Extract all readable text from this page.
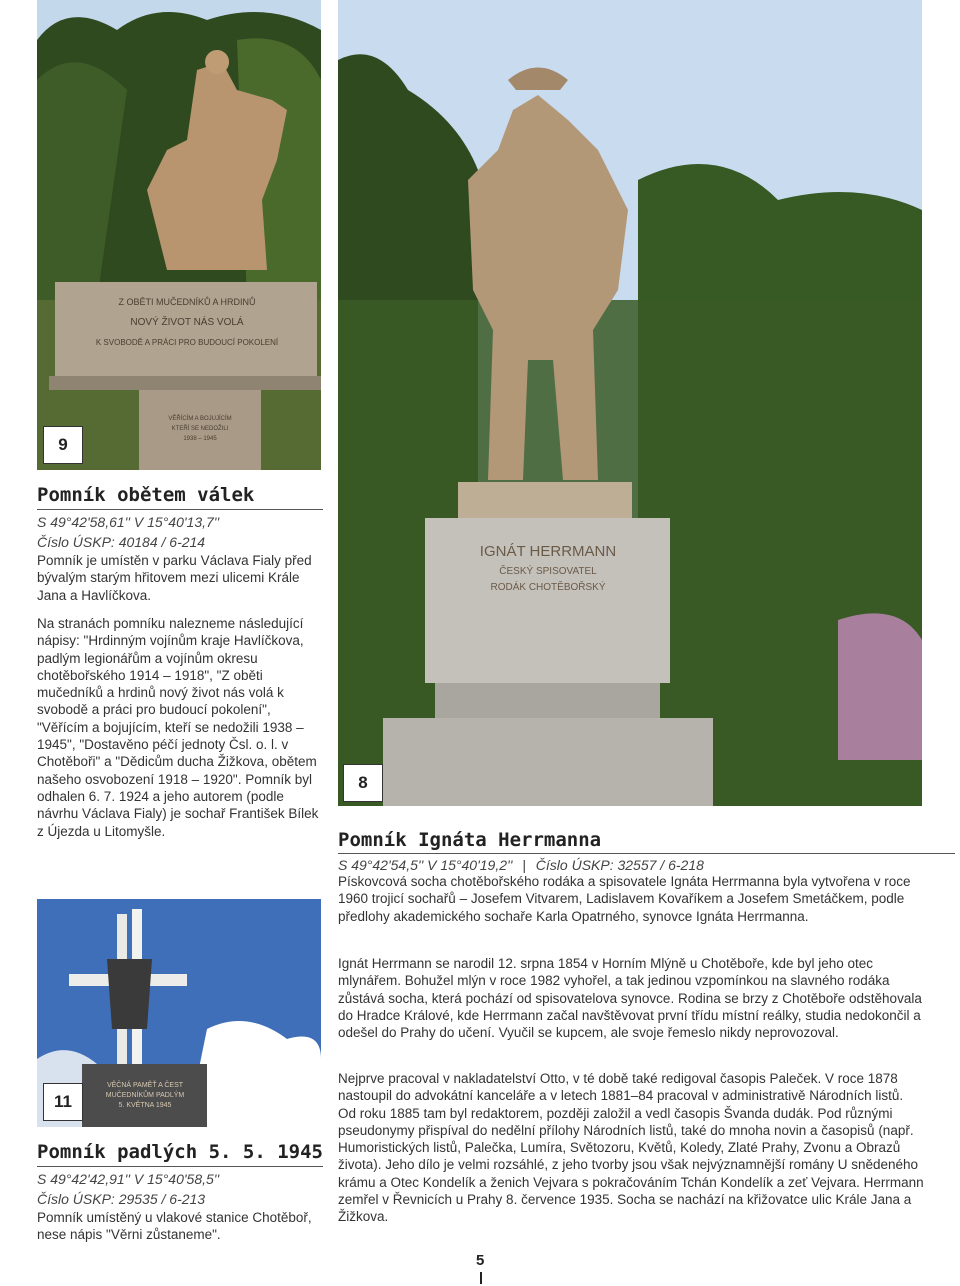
Z OBĚTI MUČEDNÍKŮ A HRDINŮ
NOVÝ ŽIVOT NÁS VOLÁ
K SVOBODĚ A PRÁCI PRO BUDOUCÍ POKOLENÍ
VĚŘÍCÍM A BOJUJÍCÍM
KTEŘÍ SE NEDOŽILI
1938 – 1945
9
IGNÁT HERRMANN
ČESKÝ SPISOVATEL
RODÁK CHOTĚBOŘSKÝ
8
Pomník obětem válek
S 49°42'58,61'' V 15°40'13,7''
Číslo ÚSKP: 40184 / 6-214
Pomník je umístěn v parku Václava Fialy před bývalým starým hřitovem mezi ulicemi Krále Jana a Havlíčkova.
Na stranách pomníku nalezneme následující nápisy: "Hrdinným vojínům kraje Havlíčkova, padlým legionářům a vojínům okresu chotěbořského 1914 – 1918", "Z oběti mučedníků a hrdinů nový život nás volá k svobodě a práci pro budoucí pokolení", "Věřícím a bojujícím, kteří se nedožili 1938 – 1945", "Dostavěno péčí jednoty Čsl. o. l. v Chotěboři" a "Dědicům ducha Žižkova, obětem našeho osvobození 1918 – 1920". Pomník byl odhalen 6. 7. 1924 a jeho autorem (podle návrhu Václava Fialy) je sochař František Bílek z Újezda u Litomyšle.
VĚČNÁ PAMĚŤ A ČEST
MUČEDNÍKŮM PADLÝM
5. KVĚTNA 1945
11
Pomník padlých 5. 5. 1945
S 49°42'42,91'' V 15°40'58,5''
Číslo ÚSKP: 29535 / 6-213
Pomník umístěný u vlakové stanice Chotěboř, nese nápis "Věrni zůstaneme".
Pomník Ignáta Herrmanna
S 49°42'54,5'' V 15°40'19,2'' | Číslo ÚSKP: 32557 / 6-218
Pískovcová socha chotěbořského rodáka a spisovatele Ignáta Herrmanna byla vytvořena v roce 1960 trojicí sochařů – Josefem Vitvarem, Ladislavem Kovaříkem a Josefem Smetáčkem, podle předlohy akademického sochaře Karla Opatrného, synovce Ignáta Herrmanna.
Ignát Herrmann se narodil 12. srpna 1854 v Horním Mlýně u Chotěboře, kde byl jeho otec mlynářem. Bohužel mlýn v roce 1982 vyhořel, a tak jedinou vzpomínkou na slavného rodáka zůstává socha, která pochází od spisovatelova synovce. Rodina se brzy z Chotěboře odstěhovala do Hradce Králové, kde Herrmann začal navštěvovat první třídu místní reálky, studia nedokončil a odešel do Prahy do učení. Vyučil se kupcem, ale svoje řemeslo nikdy neprovozoval.
Nejprve pracoval v nakladatelství Otto, v té době také redigoval časopis Paleček. V roce 1878 nastoupil do advokátní kanceláře a v letech 1881–84 pracoval v administrativě Národních listů. Od roku 1885 tam byl redaktorem, později založil a vedl časopis Švanda dudák. Pod různými pseudonymy přispíval do nedělní přílohy Národních listů, také do mnoha novin a časopisů (např. Humoristických listů, Palečka, Lumíra, Světozoru, Květů, Koledy, Zlaté Prahy, Zvonu a Obrazů života). Jeho dílo je velmi rozsáhlé, z jeho tvorby jsou však nejvýznamnější romány U snědeného krámu a Otec Kondelík a ženich Vejvara s pokračováním Tchán Kondelík a zeť Vejvara. Herrmann zemřel v Řevnicích u Prahy 8. července 1935. Socha se nachází na křižovatce ulic Krále Jana a Žižkova.
5
